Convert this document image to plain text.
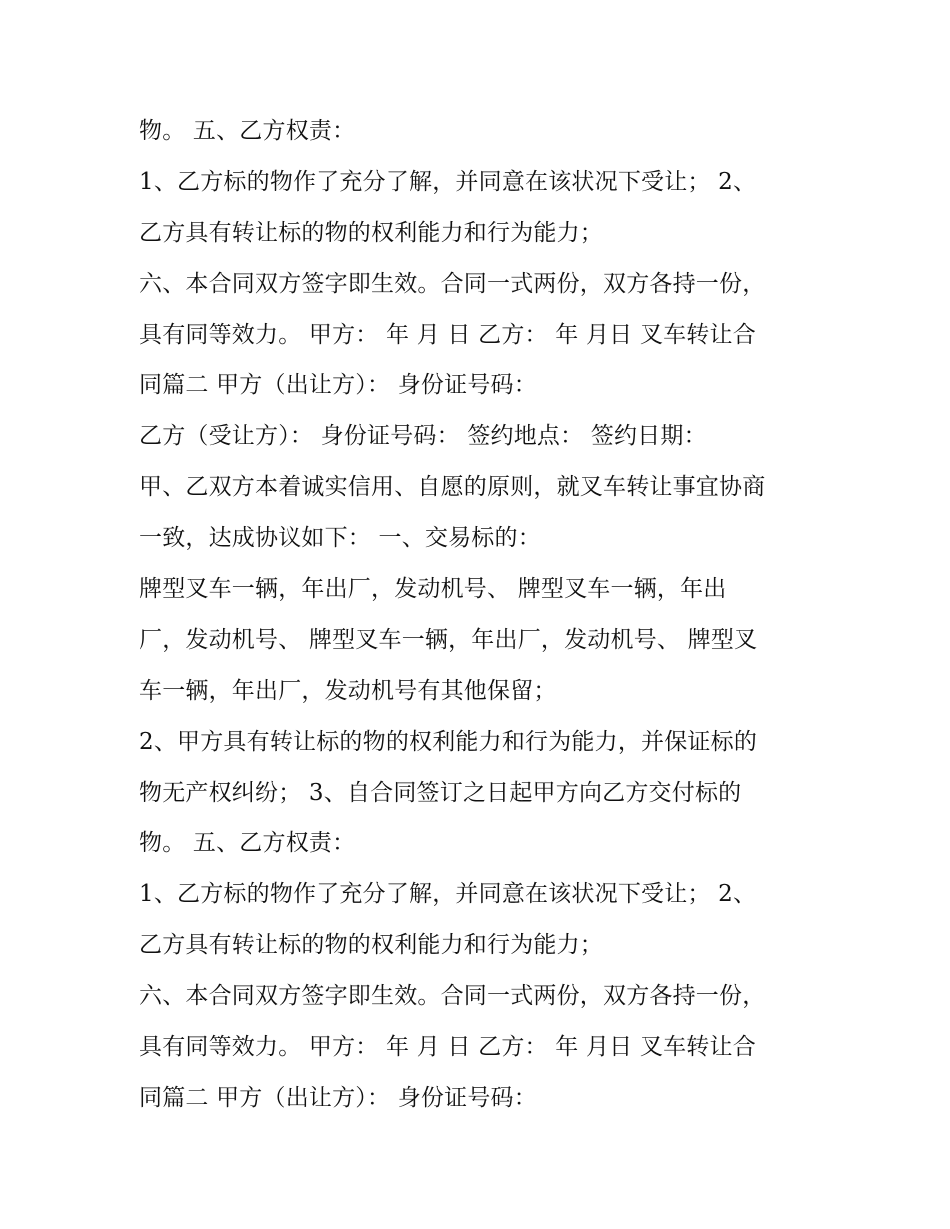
物。 五、乙方权责：
1、乙方标的物作了充分了解，并同意在该状况下受让； 2、
乙方具有转让标的物的权利能力和行为能力；
六、本合同双方签字即生效。合同一式两份，双方各持一份，
具有同等效力。 甲方： 年 月 日 乙方： 年 月日 叉车转让合
同篇二 甲方（出让方）： 身份证号码：
乙方（受让方）： 身份证号码： 签约地点： 签约日期：
甲、乙双方本着诚实信用、自愿的原则，就叉车转让事宜协商
一致，达成协议如下： 一、交易标的：
牌型叉车一辆，年出厂，发动机号、 牌型叉车一辆，年出
厂，发动机号、 牌型叉车一辆，年出厂，发动机号、 牌型叉
车一辆，年出厂，发动机号有其他保留；
2、甲方具有转让标的物的权利能力和行为能力，并保证标的
物无产权纠纷； 3、自合同签订之日起甲方向乙方交付标的
物。 五、乙方权责：
1、乙方标的物作了充分了解，并同意在该状况下受让； 2、
乙方具有转让标的物的权利能力和行为能力；
六、本合同双方签字即生效。合同一式两份，双方各持一份，
具有同等效力。 甲方： 年 月 日 乙方： 年 月日 叉车转让合
同篇二 甲方（出让方）： 身份证号码：
